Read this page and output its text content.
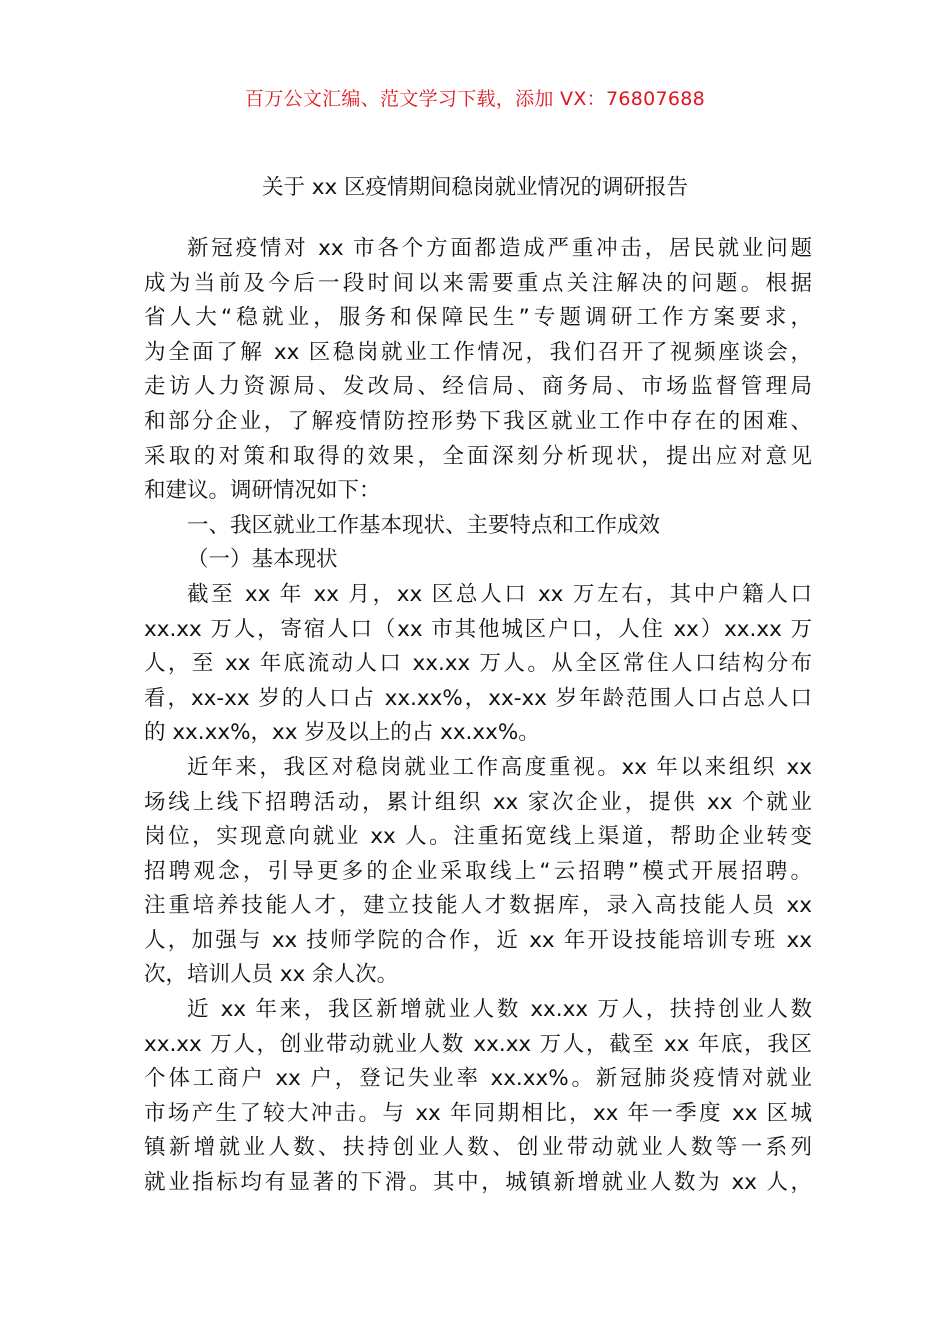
百万公文汇编、范文学习下载，添加 VX：76807688
关于 xx 区疫情期间稳岗就业情况的调研报告
新冠疫情对 xx 市各个方面都造成严重冲击，居民就业问题
成为当前及今后一段时间以来需要重点关注解决的问题。根据
省人大“稳就业，服务和保障民生”专题调研工作方案要求，
为全面了解 xx 区稳岗就业工作情况，我们召开了视频座谈会，
走访人力资源局、发改局、经信局、商务局、市场监督管理局
和部分企业，了解疫情防控形势下我区就业工作中存在的困难、
采取的对策和取得的效果，全面深刻分析现状，提出应对意见
和建议。调研情况如下：
一、我区就业工作基本现状、主要特点和工作成效
（一）基本现状
截至 xx 年 xx 月，xx 区总人口 xx 万左右，其中户籍人口
xx.xx 万人，寄宿人口（xx 市其他城区户口，人住 xx）xx.xx 万
人，至 xx 年底流动人口 xx.xx 万人。从全区常住人口结构分布
看，xx-xx 岁的人口占 xx.xx%，xx-xx 岁年龄范围人口占总人口
的 xx.xx%，xx 岁及以上的占 xx.xx%。
近年来，我区对稳岗就业工作高度重视。xx 年以来组织 xx
场线上线下招聘活动，累计组织 xx 家次企业，提供 xx 个就业
岗位，实现意向就业 xx 人。注重拓宽线上渠道，帮助企业转变
招聘观念，引导更多的企业采取线上“云招聘”模式开展招聘。
注重培养技能人才，建立技能人才数据库，录入高技能人员 xx
人，加强与 xx 技师学院的合作，近 xx 年开设技能培训专班 xx
次，培训人员 xx 余人次。
近 xx 年来，我区新增就业人数 xx.xx 万人，扶持创业人数
xx.xx 万人，创业带动就业人数 xx.xx 万人，截至 xx 年底，我区
个体工商户 xx 户，登记失业率 xx.xx%。新冠肺炎疫情对就业
市场产生了较大冲击。与 xx 年同期相比，xx 年一季度 xx 区城
镇新增就业人数、扶持创业人数、创业带动就业人数等一系列
就业指标均有显著的下滑。其中，城镇新增就业人数为 xx 人，
